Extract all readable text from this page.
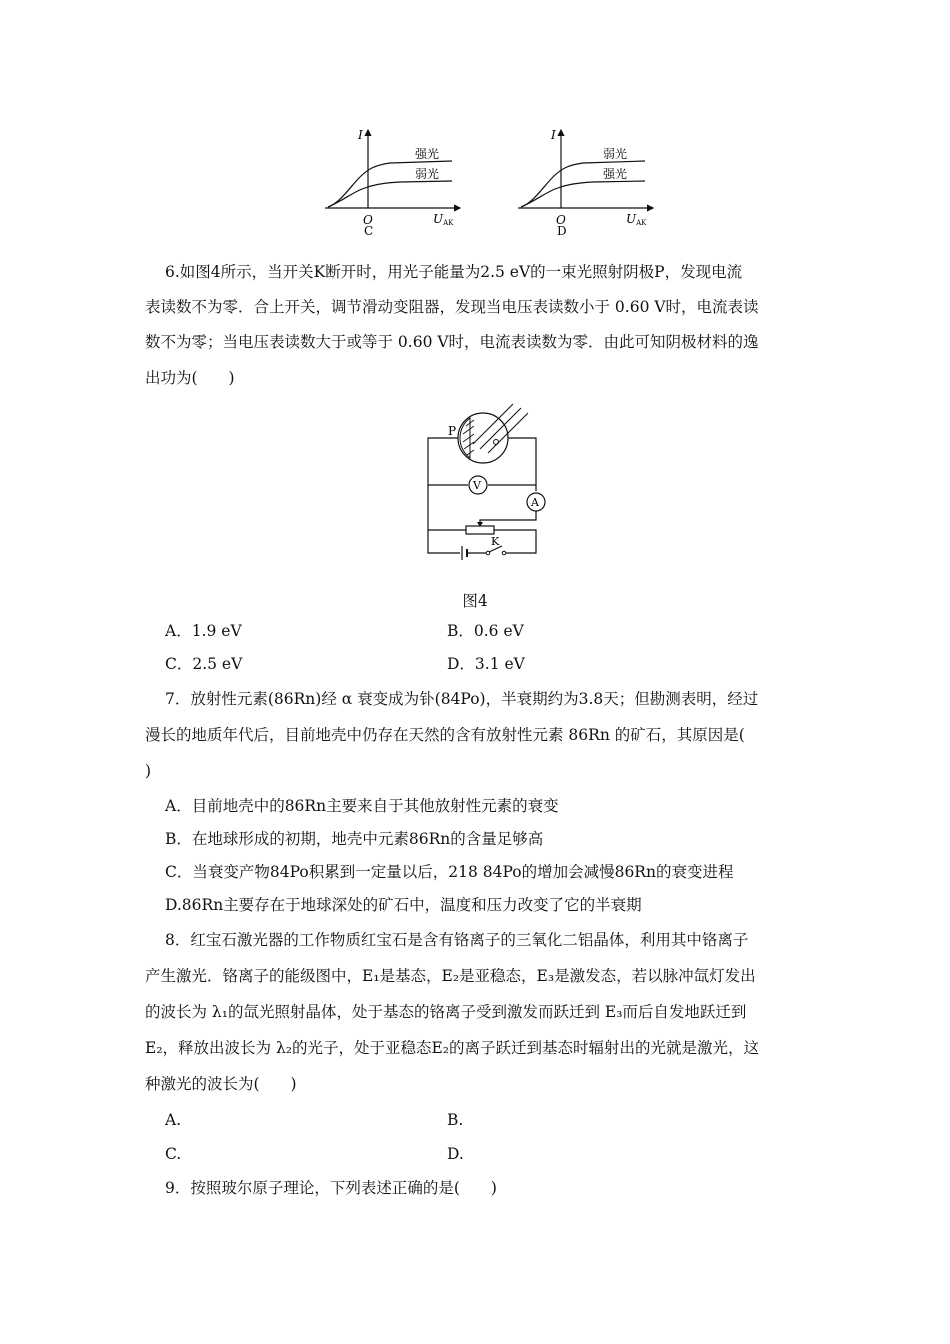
I
O	UAK
强光
弱光
C
I
O	UAK
弱光
强光
D
6.如图4所示，当开关K断开时，用光子能量为2.5 eV的一束光照射阴极P，发现电流
表读数不为零．合上开关，调节滑动变阻器，发现当电压表读数小于 0.60 V时，电流表读
数不为零；当电压表读数大于或等于 0.60 V时，电流表读数为零．由此可知阴极材料的逸
出功为(　　)
P
V
A
K
图4
A．1.9 eV	B．0.6 eV
C．2.5 eV	D．3.1 eV
7．放射性元素(86Rn)经 α 衰变成为钋(84Po)，半衰期约为3.8天；但勘测表明，经过
漫长的地质年代后，目前地壳中仍存在天然的含有放射性元素 86Rn 的矿石，其原因是(
)
A．目前地壳中的86Rn主要来自于其他放射性元素的衰变
B．在地球形成的初期，地壳中元素86Rn的含量足够高
C．当衰变产物84Po积累到一定量以后，218 84Po的增加会减慢86Rn的衰变进程
D.86Rn主要存在于地球深处的矿石中，温度和压力改变了它的半衰期
8．红宝石激光器的工作物质红宝石是含有铬离子的三氧化二铝晶体，利用其中铬离子
产生激光．铬离子的能级图中，E₁是基态，E₂是亚稳态，E₃是激发态，若以脉冲氙灯发出
的波长为 λ₁的氙光照射晶体，处于基态的铬离子受到激发而跃迁到 E₃而后自发地跃迁到
E₂，释放出波长为 λ₂的光子，处于亚稳态E₂的离子跃迁到基态时辐射出的光就是激光，这
种激光的波长为(　　)
A.	B.
C.	D.
9．按照玻尔原子理论，下列表述正确的是(　　)
